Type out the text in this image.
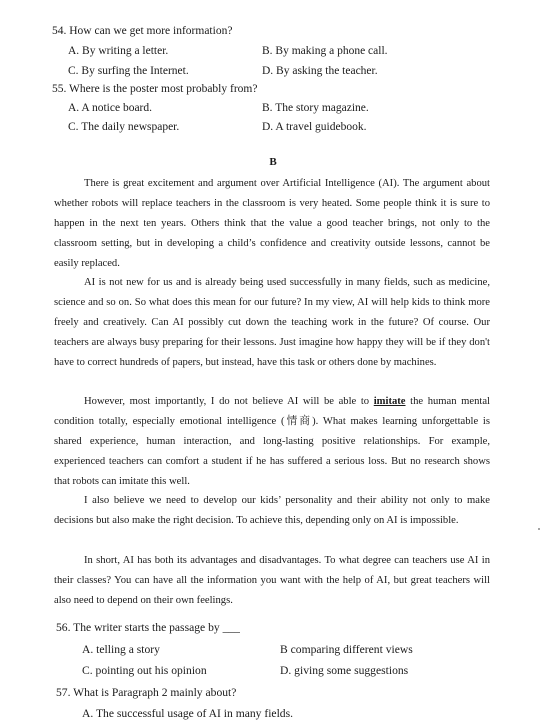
54. How can we get more information?
A. By writing a letter.	B. By making a phone call.
C. By surfing the Internet.	D. By asking the teacher.
55. Where is the poster most probably from?
A. A notice board.	B. The story magazine.
C. The daily newspaper.	D. A travel guidebook.
B
There is great excitement and argument over Artificial Intelligence (AI). The argument about whether robots will replace teachers in the classroom is very heated. Some people think it is sure to happen in the next ten years. Others think that the value a good teacher brings, not only to the classroom setting, but in developing a child’s confidence and creativity outside lessons, cannot be easily replaced.
AI is not new for us and is already being used successfully in many fields, such as medicine, science and so on. So what does this mean for our future? In my view, AI will help kids to think more freely and creatively. Can AI possibly cut down the teaching work in the future? Of course. Our teachers are always busy preparing for their lessons. Just imagine how happy they will be if they don't have to correct hundreds of papers, but instead, have this task or others done by machines.
However, most importantly, I do not believe AI will be able to imitate the human mental condition totally, especially emotional intelligence (情商). What makes learning unforgettable is shared experience, human interaction, and long-lasting positive relationships. For example, experienced teachers can comfort a student if he has suffered a serious loss. But no research shows that robots can imitate this well.
I also believe we need to develop our kids’ personality and their ability not only to make decisions but also make the right decision. To achieve this, depending only on AI is impossible.
In short, AI has both its advantages and disadvantages. To what degree can teachers use AI in their classes? You can have all the information you want with the help of AI, but great teachers will also need to depend on their own feelings.
56. The writer starts the passage by ___
A. telling a story	B comparing different views
C. pointing out his opinion	D. giving some suggestions
57. What is Paragraph 2 mainly about?
A. The successful usage of AI in many fields.
